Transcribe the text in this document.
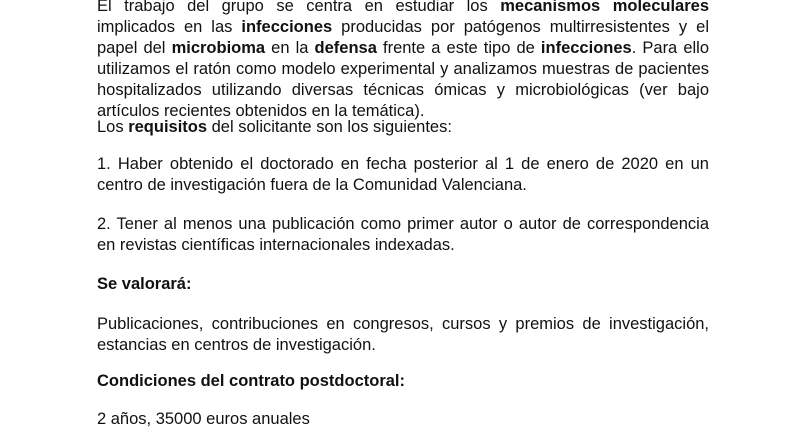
El trabajo del grupo se centra en estudiar los mecanismos moleculares implicados en las infecciones producidas por patógenos multirresistentes y el papel del microbioma en la defensa frente a este tipo de infecciones. Para ello utilizamos el ratón como modelo experimental y analizamos muestras de pacientes hospitalizados utilizando diversas técnicas ómicas y microbiológicas (ver bajo artículos recientes obtenidos en la temática).

Los requisitos del solicitante son los siguientes:

1. Haber obtenido el doctorado en fecha posterior al 1 de enero de 2020 en un centro de investigación fuera de la Comunidad Valenciana.

2. Tener al menos una publicación como primer autor o autor de correspondencia en revistas científicas internacionales indexadas.

Se valorará:

Publicaciones, contribuciones en congresos, cursos y premios de investigación, estancias en centros de investigación.

Condiciones del contrato postdoctoral:

2 años, 35000 euros anuales
